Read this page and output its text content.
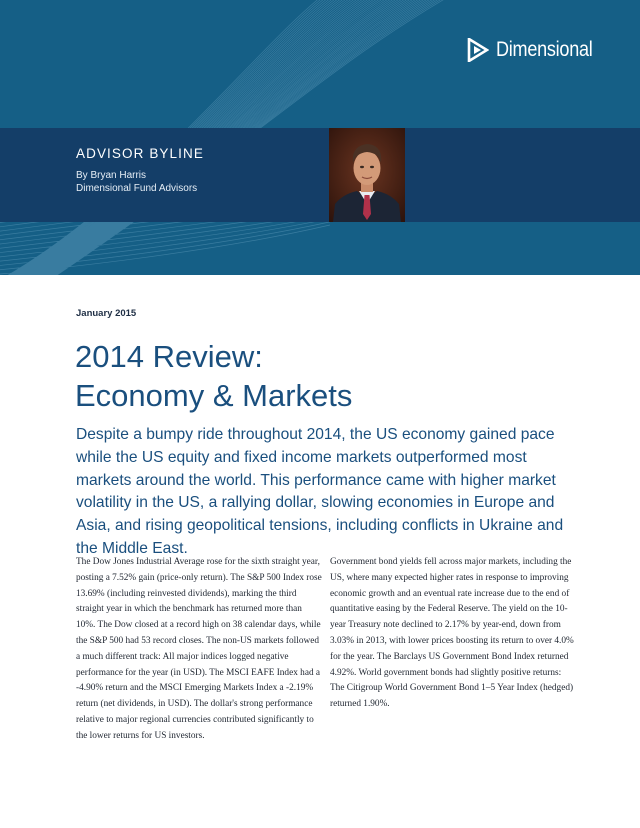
Dimensional
ADVISOR BYLINE
By Bryan Harris
Dimensional Fund Advisors
January 2015
2014 Review:
Economy & Markets

Despite a bumpy ride throughout 2014, the US economy gained pace while the US equity and fixed income markets outperformed most markets around the world. This performance came with higher market volatility in the US, a rallying dollar, slowing economies in Europe and Asia, and rising geopolitical tensions, including conflicts in Ukraine and the Middle East.

The Dow Jones Industrial Average rose for the sixth straight year, posting a 7.52% gain (price-only return). The S&P 500 Index rose 13.69% (including reinvested dividends), marking the third straight year in which the benchmark has returned more than 10%. The Dow closed at a record high on 38 calendar days, while the S&P 500 had 53 record closes. The non-US markets followed a much different track: All major indices logged negative performance for the year (in USD). The MSCI EAFE Index had a -4.90% return and the MSCI Emerging Markets Index a -2.19% return (net dividends, in USD). The dollar's strong performance relative to major regional currencies contributed significantly to the lower returns for US investors.

Government bond yields fell across major markets, including the US, where many expected higher rates in response to improving economic growth and an eventual rate increase due to the end of quantitative easing by the Federal Reserve. The yield on the 10-year Treasury note declined to 2.17% by year-end, down from 3.03% in 2013, with lower prices boosting its return to over 4.0% for the year. The Barclays US Government Bond Index returned 4.92%. World government bonds had slightly positive returns: The Citigroup World Government Bond 1–5 Year Index (hedged) returned 1.90%.
